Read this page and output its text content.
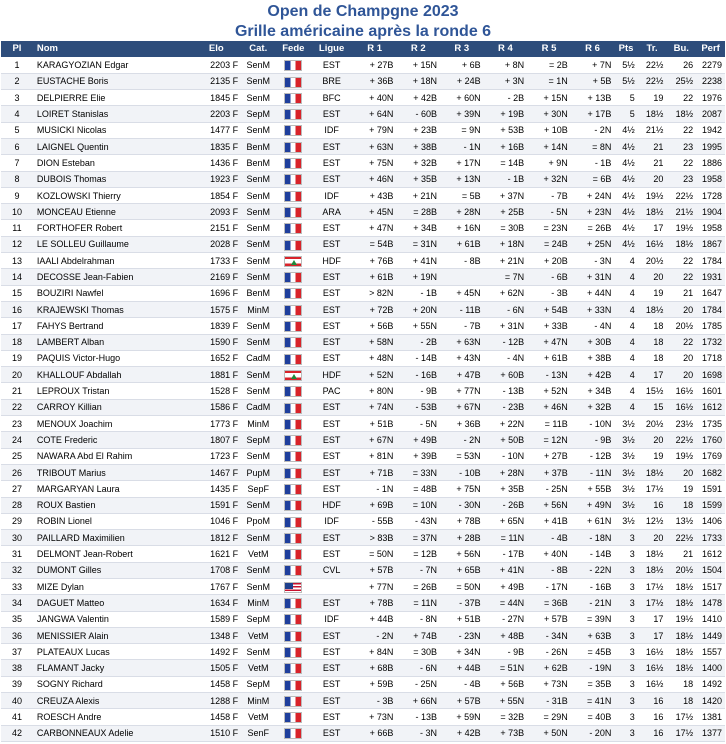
Open de Champgne 2023
Grille américaine après la ronde 6
Pl	Nom	Elo	Cat.	Fede	Ligue	R 1	R 2	R 3	R 4	R 5	R 6	Pts	Tr.	Bu.	Perf
1	KARAGYOZIAN Edgar	2203 F	SenM		EST	+ 27B	+ 15N	+ 6B	+ 8N	= 2B	+ 7N	5½	22½	26	2279
2	EUSTACHE Boris	2135 F	SenM		BRE	+ 36B	+ 18N	+ 24B	+ 3N	= 1N	+ 5B	5½	22½	25½	2238
3	DELPIERRE Elie	1845 F	SenM		BFC	+ 40N	+ 42B	+ 60N	- 2B	+ 15N	+ 13B	5	19	22	1976
4	LOIRET Stanislas	2203 F	SepM		EST	+ 64N	- 60B	+ 39N	+ 19B	+ 30N	+ 17B	5	18½	18½	2087
5	MUSICKI Nicolas	1477 F	SenM		IDF	+ 79N	+ 23B	= 9N	+ 53B	+ 10B	- 2N	4½	21½	22	1942
6	LAIGNEL Quentin	1835 F	BenM		EST	+ 63N	+ 38B	- 1N	+ 16B	+ 14N	= 8N	4½	21	23	1995
7	DION Esteban	1436 F	BenM		EST	+ 75N	+ 32B	+ 17N	= 14B	+ 9N	- 1B	4½	21	22	1886
8	DUBOIS Thomas	1923 F	SenM		EST	+ 46N	+ 35B	+ 13N	- 1B	+ 32N	= 6B	4½	20	23	1958
9	KOZLOWSKI Thierry	1854 F	SenM		IDF	+ 43B	+ 21N	= 5B	+ 37N	- 7B	+ 24N	4½	19½	22½	1728
10	MONCEAU Etienne	2093 F	SenM		ARA	+ 45N	= 28B	+ 28N	+ 25B	- 5N	+ 23N	4½	18½	21½	1904
11	FORTHOFER Robert	2151 F	SenM		EST	+ 47N	+ 34B	+ 16N	= 30B	= 23N	= 26B	4½	17	19½	1958
12	LE SOLLEU Guillaume	2028 F	SenM		EST	= 54B	= 31N	+ 61B	+ 18N	= 24B	+ 25N	4½	16½	18½	1867
13	IAALI Abdelrahman	1733 F	SenM		HDF	+ 76B	+ 41N	- 8B	+ 21N	+ 20B	- 3N	4	20½	22	1784
14	DECOSSE Jean-Fabien	2169 F	SenM		EST	+ 61B	+ 19N		= 7N	- 6B	+ 31N	4	20	22	1931
15	BOUZIRI Nawfel	1696 F	BenM		EST	> 82N	- 1B	+ 45N	+ 62N	- 3B	+ 44N	4	19	21	1647
16	KRAJEWSKI Thomas	1575 F	MinM		EST	+ 72B	+ 20N	- 11B	- 6N	+ 54B	+ 33N	4	18½	20	1784
17	FAHYS Bertrand	1839 F	SenM		EST	+ 56B	+ 55N	- 7B	+ 31N	+ 33B	- 4N	4	18	20½	1785
18	LAMBERT Alban	1590 F	SenM		EST	+ 58N	- 2B	+ 63N	- 12B	+ 47N	+ 30B	4	18	22	1732
19	PAQUIS Victor-Hugo	1652 F	CadM		EST	+ 48N	- 14B	+ 43N	- 4N	+ 61B	+ 38B	4	18	20	1718
20	KHALLOUF Abdallah	1881 F	SenM		HDF	+ 52N	- 16B	+ 47B	+ 60B	- 13N	+ 42B	4	17	20	1698
21	LEPROUX Tristan	1528 F	SenM		PAC	+ 80N	- 9B	+ 77N	- 13B	+ 52N	+ 34B	4	15½	16½	1601
22	CARROY Killian	1586 F	CadM		EST	+ 74N	- 53B	+ 67N	- 23B	+ 46N	+ 32B	4	15	16½	1612
23	MENOUX Joachim	1773 F	MinM		EST	+ 51B	- 5N	+ 36B	+ 22N	= 11B	- 10N	3½	20½	23½	1735
24	COTE Frederic	1807 F	SepM		EST	+ 67N	+ 49B	- 2N	+ 50B	= 12N	- 9B	3½	20	22½	1760
25	NAWARA Abd El Rahim	1723 F	SenM		EST	+ 81N	+ 39B	= 53N	- 10N	+ 27B	- 12B	3½	19	19½	1769
26	TRIBOUT Marius	1467 F	PupM		EST	+ 71B	= 33N	- 10B	+ 28N	+ 37B	- 11N	3½	18½	20	1682
27	MARGARYAN Laura	1435 F	SepF		EST	- 1N	= 48B	+ 75N	+ 35B	- 25N	+ 55B	3½	17½	19	1591
28	ROUX Bastien	1591 F	SenM		HDF	+ 69B	= 10N	- 30N	- 26B	+ 56N	+ 49N	3½	16	18	1599
29	ROBIN Lionel	1046 F	PpoM		IDF	- 55B	- 43N	+ 78B	+ 65N	+ 41B	+ 61N	3½	12½	13½	1406
30	PAILLARD Maximilien	1812 F	SenM		EST	> 83B	= 37N	+ 28B	= 11N	- 4B	- 18N	3	20	22½	1733
31	DELMONT Jean-Robert	1621 F	VetM		EST	= 50N	= 12B	+ 56N	- 17B	+ 40N	- 14B	3	18½	21	1612
32	DUMONT Gilles	1708 F	SenM		CVL	+ 57B	- 7N	+ 65B	+ 41N	- 8B	- 22N	3	18½	20½	1504
33	MIZE Dylan	1767 F	SenM			+ 77N	= 26B	= 50N	+ 49B	- 17N	- 16B	3	17½	18½	1517
34	DAGUET Matteo	1634 F	MinM		EST	+ 78B	= 11N	- 37B	= 44N	= 36B	- 21N	3	17½	18½	1478
35	JANGWA Valentin	1589 F	SepM		IDF	+ 44B	- 8N	+ 51B	- 27N	+ 57B	= 39N	3	17	19½	1410
36	MENISSIER Alain	1348 F	VetM		EST	- 2N	+ 74B	- 23N	+ 48B	- 34N	+ 63B	3	17	18½	1449
37	PLATEAUX Lucas	1492 F	SenM		EST	+ 84N	= 30B	+ 34N	- 9B	- 26N	= 45B	3	16½	18½	1557
38	FLAMANT Jacky	1505 F	VetM		EST	+ 68B	- 6N	+ 44B	= 51N	+ 62B	- 19N	3	16½	18½	1400
39	SOGNY Richard	1458 F	SepM		EST	+ 59B	- 25N	- 4B	+ 56B	+ 73N	= 35B	3	16½	18	1492
40	CREUZA Alexis	1288 F	MinM		EST	- 3B	+ 66N	+ 57B	+ 55N	- 31B	= 41N	3	16	18	1420
41	ROESCH Andre	1458 F	VetM		EST	+ 73N	- 13B	+ 59N	= 32B	= 29N	= 40B	3	16	17½	1381
42	CARBONNEAUX Adelie	1510 F	SenF		EST	+ 66B	- 3N	+ 42B	+ 73B	+ 50N	- 20N	3	16	17½	1377
